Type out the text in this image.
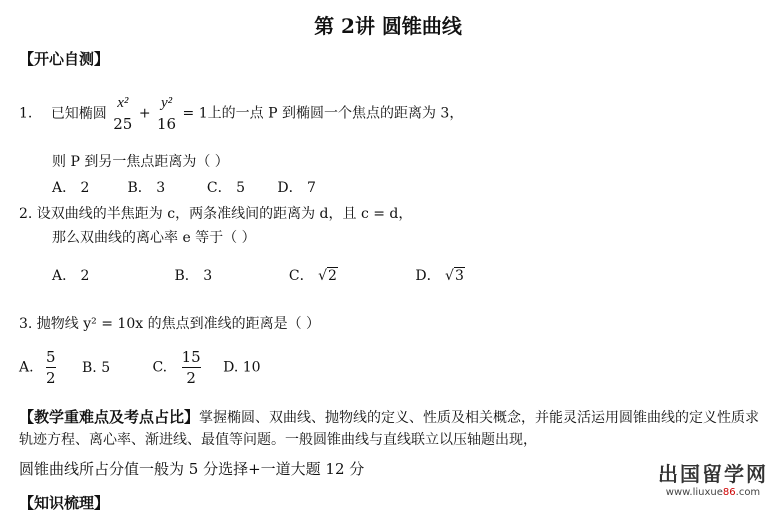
第 2讲 圆锥曲线
【开心自测】
1. 已知椭圆
x²
25
+
y²
16
= 1上的一点 P 到椭圆一个焦点的距离为 3，
则 P 到另一焦点距离为（ ）
A． 2	B． 3	C． 5 D． 7
2. 设双曲线的半焦距为 c，两条准线间的距离为 d，且 c = d，
那么双曲线的离心率 e 等于（ ）
A． 2	B． 3	C． √2	D． √3
3. 抛物线 y² = 10x 的焦点到准线的距离是（ ）
A. $\frac{5}{2} B$. 5	C. $\frac{15}{2} D$. 10
【教学重难点及考点占比】掌握椭圆、双曲线、抛物线的定义、性质及相关概念，并能灵活运用圆锥曲线的定义性质求轨迹方程、离心率、渐进线、最值等问题。一般圆锥曲线与直线联立以压轴题出现，
圆锥曲线所占分值一般为 5 分选择+一道大题 12 分
【知识梳理】
出国留学网
www.liuxue86.com
